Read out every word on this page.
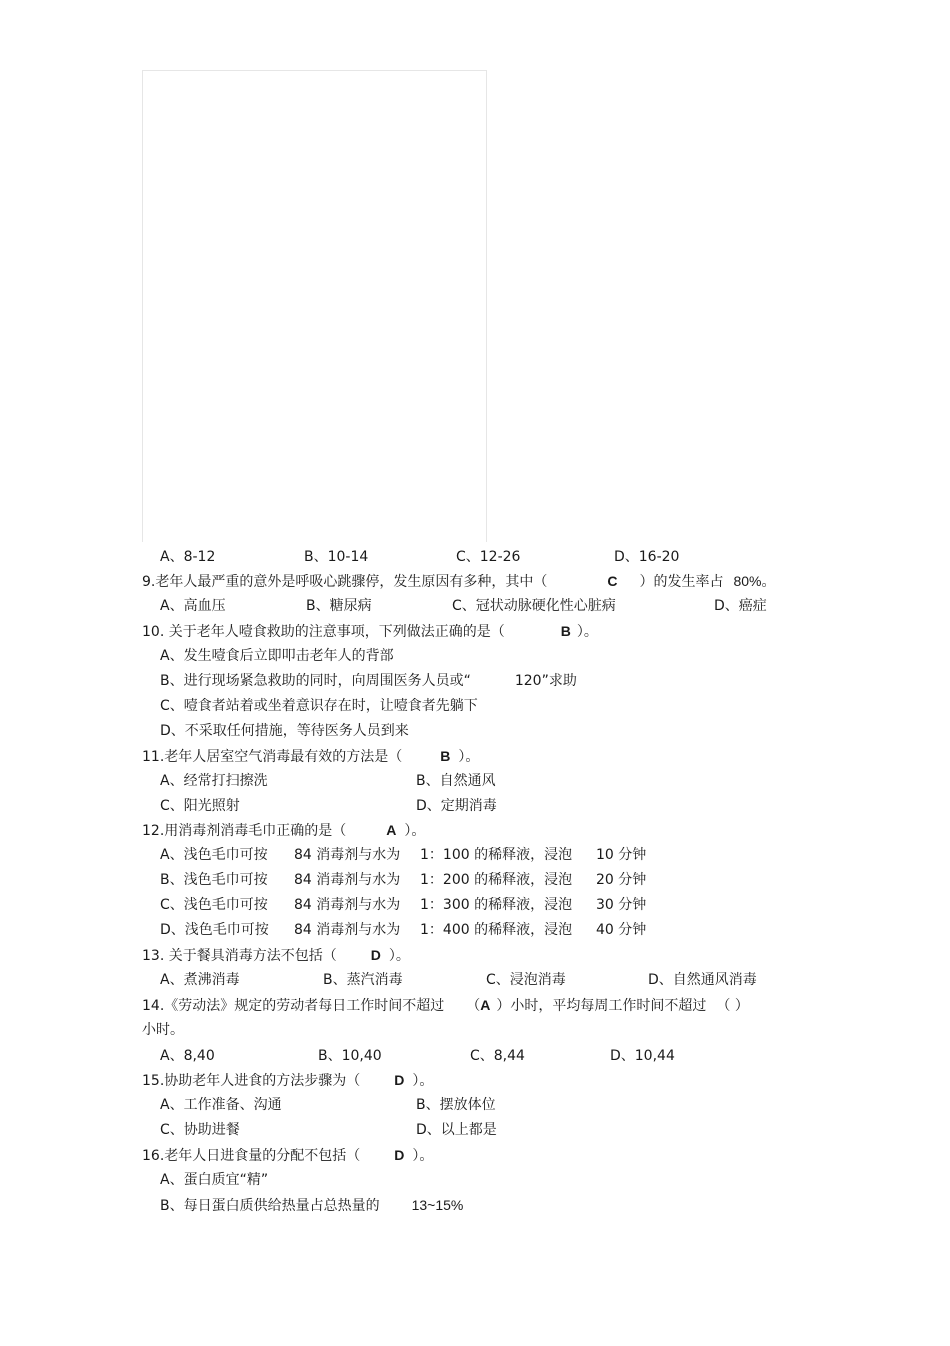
A、8-12	B、10-14	C、12-26	D、16-20
9.老年人最严重的意外是呼吸心跳骤停，发生原因有多种，其中（	C ）的发生率占 80%。
A、高血压	B、糖尿病	C、冠状动脉硬化性心脏病	D、癌症
10. 关于老年人噎食救助的注意事项，下列做法正确的是（	B ）。
A、发生噎食后立即叩击老年人的背部
B、进行现场紧急救助的同时，向周围医务人员或“	120”求助
C、噎食者站着或坐着意识存在时，让噎食者先躺下
D、不采取任何措施，等待医务人员到来
11.老年人居室空气消毒最有效的方法是（	B ）。
A、经常打扫擦洗	B、自然通风
C、阳光照射	D、定期消毒
12.用消毒剂消毒毛巾正确的是（	A ）。
A、浅色毛巾可按 84 消毒剂与水为 1：100 的稀释液，浸泡 10 分钟
B、浅色毛巾可按 84 消毒剂与水为 1：200 的稀释液，浸泡 20 分钟
C、浅色毛巾可按 84 消毒剂与水为 1：300 的稀释液，浸泡 30 分钟
D、浅色毛巾可按 84 消毒剂与水为 1：400 的稀释液，浸泡 40 分钟
13. 关于餐具消毒方法不包括（ D ）。
A、煮沸消毒	B、蒸汽消毒	C、浸泡消毒	D、自然通风消毒
14.《劳动法》规定的劳动者每日工作时间不超过 （A ）小时，平均每周工作时间不超过 （ ）
小时。
A、8,40	B、10,40	C、8,44	D、10,44
15.协助老年人进食的方法步骤为（ D ）。
A、工作准备、沟通	B、摆放体位
C、协助进餐	D、以上都是
16.老年人日进食量的分配不包括（ D ）。
A、蛋白质宜“精”
B、每日蛋白质供给热量占总热量的 13~15%
